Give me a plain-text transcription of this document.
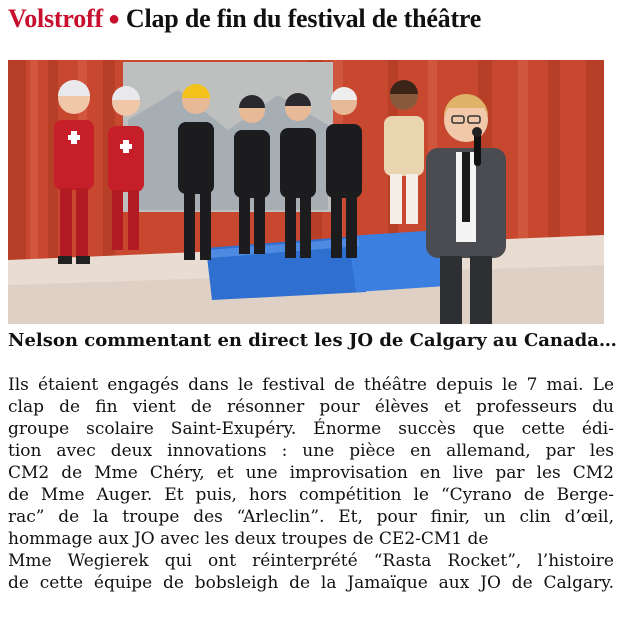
Volstroff ● Clap de fin du festival de théâtre
Nelson commentant en direct les JO de Calgary au Canada…
Ils étaient engagés dans le festival de théâtre depuis le 7 mai. Le
clap de fin vient de résonner pour élèves et professeurs du
groupe scolaire Saint-Exupéry. Énorme succès que cette édi-
tion avec deux innovations : une pièce en allemand, par les
CM2 de Mme Chéry, et une improvisation en live par les CM2
de Mme Auger. Et puis, hors compétition le “Cyrano de Berge-
rac” de la troupe des “Arleclin”. Et, pour finir, un clin d’œil,
hommage aux JO avec les deux troupes de CE2-CM1 de
Mme Wegierek qui ont réinterprété “Rasta Rocket”, l’histoire
de cette équipe de bobsleigh de la Jamaïque aux JO de Calgary.
